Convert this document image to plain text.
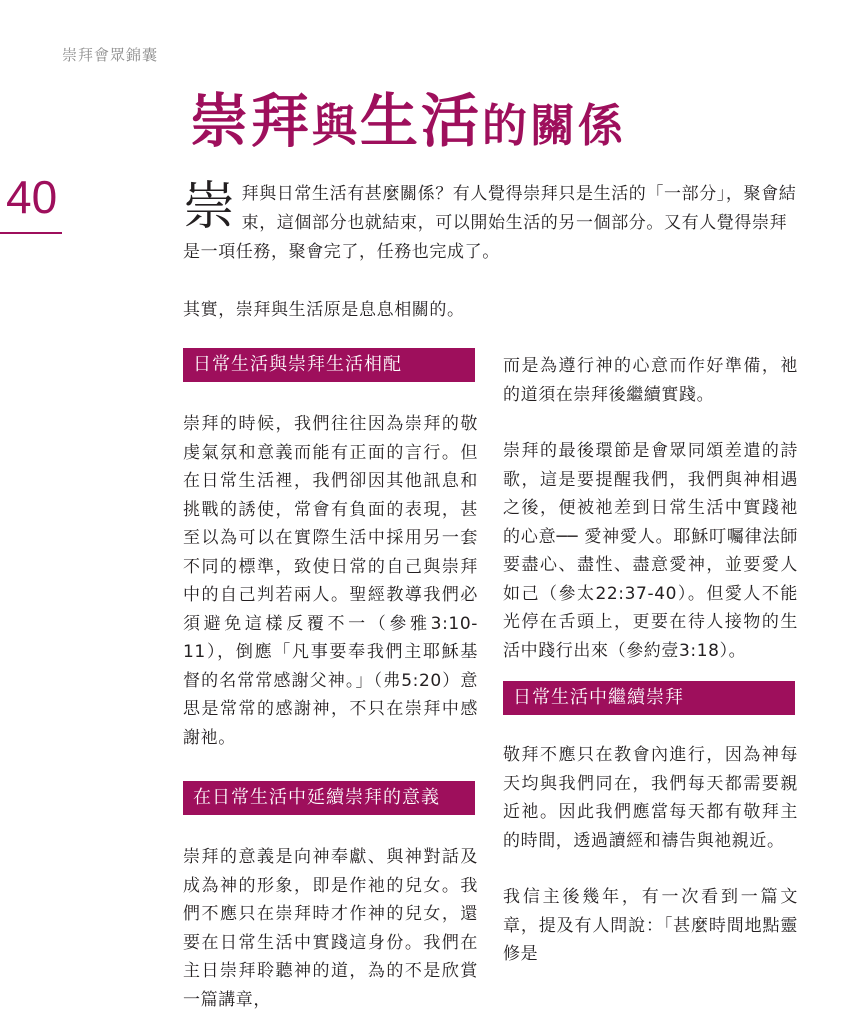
崇拜會眾錦囊
40
崇拜與生活的關係
崇 拜與日常生活有甚麼關係？有人覺得崇拜只是生活的「一部分」，聚會結束，這個部分也就結束，可以開始生活的另一個部分。又有人覺得崇拜是一項任務，聚會完了，任務也完成了。

其實，崇拜與生活原是息息相關的。

日常生活與崇拜生活相配

崇拜的時候，我們往往因為崇拜的敬虔氣氛和意義而能有正面的言行。但在日常生活裡，我們卻因其他訊息和挑戰的誘使，常會有負面的表現，甚至以為可以在實際生活中採用另一套不同的標準，致使日常的自己與崇拜中的自己判若兩人。聖經教導我們必須避免這樣反覆不一（參雅3:10-11），倒應「凡事要奉我們主耶穌基督的名常常感謝父神。」（弗5:20）意思是常常的感謝神，不只在崇拜中感謝祂。

在日常生活中延續崇拜的意義

崇拜的意義是向神奉獻、與神對話及成為神的形象，即是作祂的兒女。我們不應只在崇拜時才作神的兒女，還要在日常生活中實踐這身份。我們在主日崇拜聆聽神的道，為的不是欣賞一篇講章，

而是為遵行神的心意而作好準備，祂的道須在崇拜後繼續實踐。

崇拜的最後環節是會眾同頌差遣的詩歌，這是要提醒我們，我們與神相遇之後，便被祂差到日常生活中實踐祂的心意── 愛神愛人。耶穌叮囑律法師要盡心、盡性、盡意愛神，並要愛人如己（參太22:37-40）。但愛人不能光停在舌頭上，更要在待人接物的生活中踐行出來（參約壹3:18）。

日常生活中繼續崇拜

敬拜不應只在教會內進行，因為神每天均與我們同在，我們每天都需要親近祂。因此我們應當每天都有敬拜主的時間，透過讀經和禱告與祂親近。

我信主後幾年，有一次看到一篇文章，提及有人問說：「甚麼時間地點靈修是
